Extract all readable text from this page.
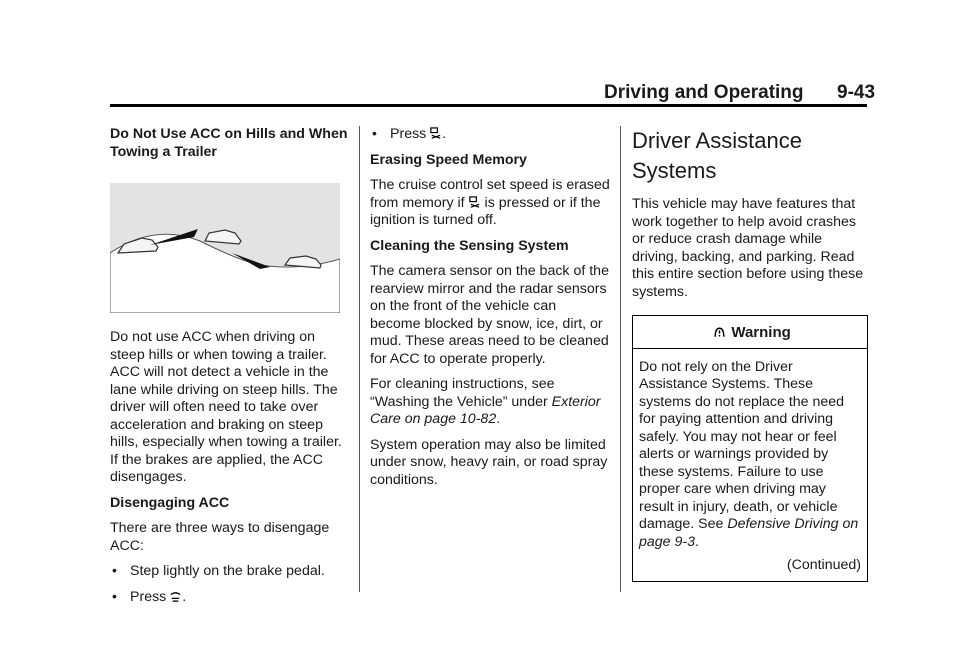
Driving and Operating 9-43

Do Not Use ACC on Hills and When Towing a Trailer

Do not use ACC when driving on steep hills or when towing a trailer. ACC will not detect a vehicle in the lane while driving on steep hills. The driver will often need to take over acceleration and braking on steep hills, especially when towing a trailer. If the brakes are applied, the ACC disengages.

Disengaging ACC

There are three ways to disengage ACC:

• Step lightly on the brake pedal.

• Press .

• Press .

Erasing Speed Memory

The cruise control set speed is erased from memory if is pressed or if the ignition is turned off.

Cleaning the Sensing System

The camera sensor on the back of the rearview mirror and the radar sensors on the front of the vehicle can become blocked by snow, ice, dirt, or mud. These areas need to be cleaned for ACC to operate properly.

For cleaning instructions, see “Washing the Vehicle” under Exterior Care on page 10-82.

System operation may also be limited under snow, heavy rain, or road spray conditions.

Driver Assistance Systems

This vehicle may have features that work together to help avoid crashes or reduce crash damage while driving, backing, and parking. Read this entire section before using these systems.

Warning
Do not rely on the Driver Assistance Systems. These systems do not replace the need for paying attention and driving safely. You may not hear or feel alerts or warnings provided by these systems. Failure to use proper care when driving may result in injury, death, or vehicle damage. See Defensive Driving on page 9-3.
(Continued)
